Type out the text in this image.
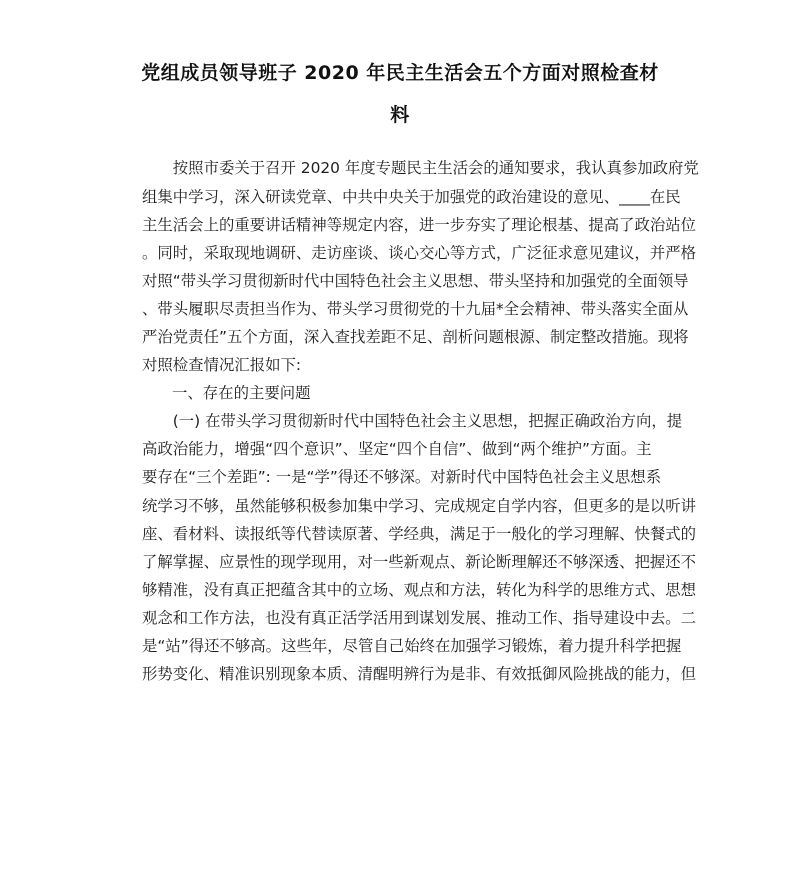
党组成员领导班子 2020 年民主生活会五个方面对照检查材
料
　　按照市委关于召开 2020 年度专题民主生活会的通知要求，我认真参加政府党
组集中学习，深入研读党章、中共中央关于加强党的政治建设的意见、____在民
主生活会上的重要讲话精神等规定内容，进一步夯实了理论根基、提高了政治站位
。同时，采取现地调研、走访座谈、谈心交心等方式，广泛征求意见建议，并严格
对照“带头学习贯彻新时代中国特色社会主义思想、带头坚持和加强党的全面领导
、带头履职尽责担当作为、带头学习贯彻党的十九届*全会精神、带头落实全面从
严治党责任”五个方面，深入查找差距不足、剖析问题根源、制定整改措施。现将
对照检查情况汇报如下:
一、存在的主要问题
　　(一) 在带头学习贯彻新时代中国特色社会主义思想，把握正确政治方向，提
高政治能力，增强“四个意识”、坚定“四个自信”、做到“两个维护”方面。主
要存在“三个差距”: 一是“学”得还不够深。对新时代中国特色社会主义思想系
统学习不够，虽然能够积极参加集中学习、完成规定自学内容，但更多的是以听讲
座、看材料、读报纸等代替读原著、学经典，满足于一般化的学习理解、快餐式的
了解掌握、应景性的现学现用，对一些新观点、新论断理解还不够深透、把握还不
够精准，没有真正把蕴含其中的立场、观点和方法，转化为科学的思维方式、思想
观念和工作方法，也没有真正活学活用到谋划发展、推动工作、指导建设中去。二
是“站”得还不够高。这些年，尽管自己始终在加强学习锻炼，着力提升科学把握
形势变化、精准识别现象本质、清醒明辨行为是非、有效抵御风险挑战的能力，但
